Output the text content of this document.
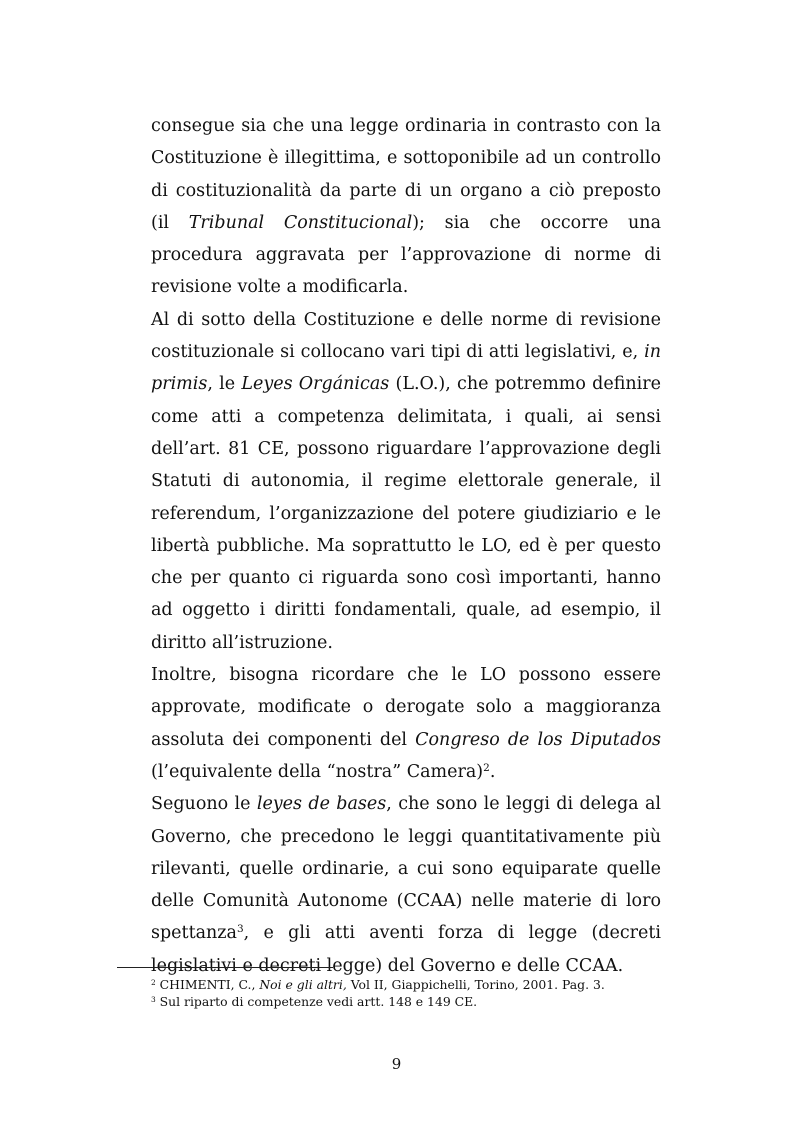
consegue sia che una legge ordinaria in contrasto con la Costituzione è illegittima, e sottoponibile ad un controllo di costituzionalità da parte di un organo a ciò preposto (il Tribunal Constitucional); sia che occorre una procedura aggravata per l’approvazione di norme di revisione volte a modificarla.

Al di sotto della Costituzione e delle norme di revisione costituzionale si collocano vari tipi di atti legislativi, e, in primis, le Leyes Orgánicas (L.O.), che potremmo definire come atti a competenza delimitata, i quali, ai sensi dell’art. 81 CE, possono riguardare l’approvazione degli Statuti di autonomia, il regime elettorale generale, il referendum, l’organizzazione del potere giudiziario e le libertà pubbliche. Ma soprattutto le LO, ed è per questo che per quanto ci riguarda sono così importanti, hanno ad oggetto i diritti fondamentali, quale, ad esempio, il diritto all’istruzione.

Inoltre, bisogna ricordare che le LO possono essere approvate, modificate o derogate solo a maggioranza assoluta dei componenti del Congreso de los Diputados (l’equivalente della “nostra” Camera)$^2$.

Seguono le leyes de bases, che sono le leggi di delega al Governo, che precedono le leggi quantitativamente più rilevanti, quelle ordinarie, a cui sono equiparate quelle delle Comunità Autonome (CCAA) nelle materie di loro spettanza$^3$, e gli atti aventi forza di legge (decreti legislativi e decreti legge) del Governo e delle CCAA.

$^2$ CHIMENTI, C., Noi e gli altri, Vol II, Giappichelli, Torino, 2001. Pag. 3.
$^3$ Sul riparto di competenze vedi artt. 148 e 149 CE.
9
